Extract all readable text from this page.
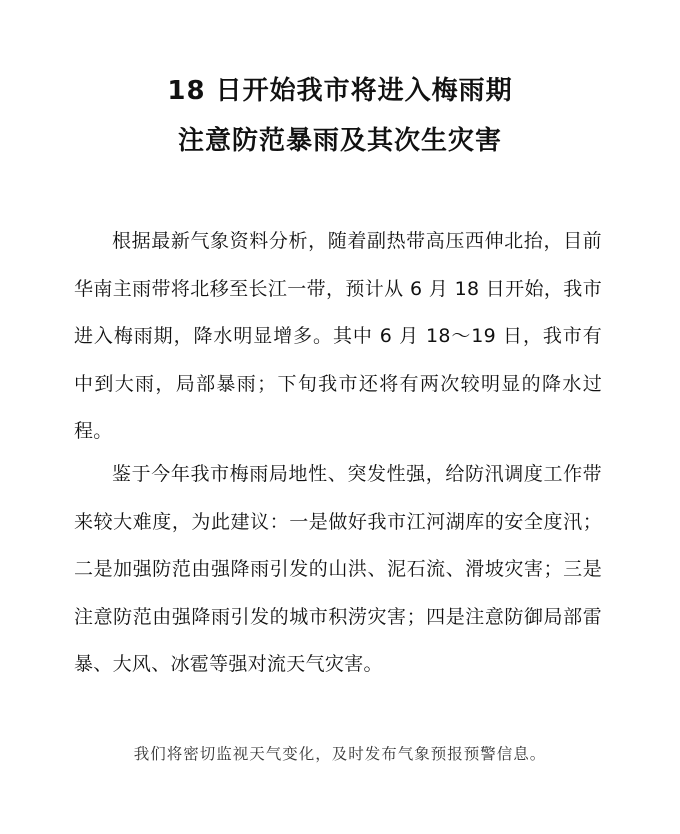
18 日开始我市将进入梅雨期
注意防范暴雨及其次生灾害

根据最新气象资料分析，随着副热带高压西伸北抬，目前华南主雨带将北移至长江一带，预计从 6 月 18 日开始，我市进入梅雨期，降水明显增多。其中 6 月 18～19 日，我市有中到大雨，局部暴雨；下旬我市还将有两次较明显的降水过程。

鉴于今年我市梅雨局地性、突发性强，给防汛调度工作带来较大难度，为此建议：一是做好我市江河湖库的安全度汛；二是加强防范由强降雨引发的山洪、泥石流、滑坡灾害；三是注意防范由强降雨引发的城市积涝灾害；四是注意防御局部雷暴、大风、冰雹等强对流天气灾害。

我们将密切监视天气变化，及时发布气象预报预警信息。
